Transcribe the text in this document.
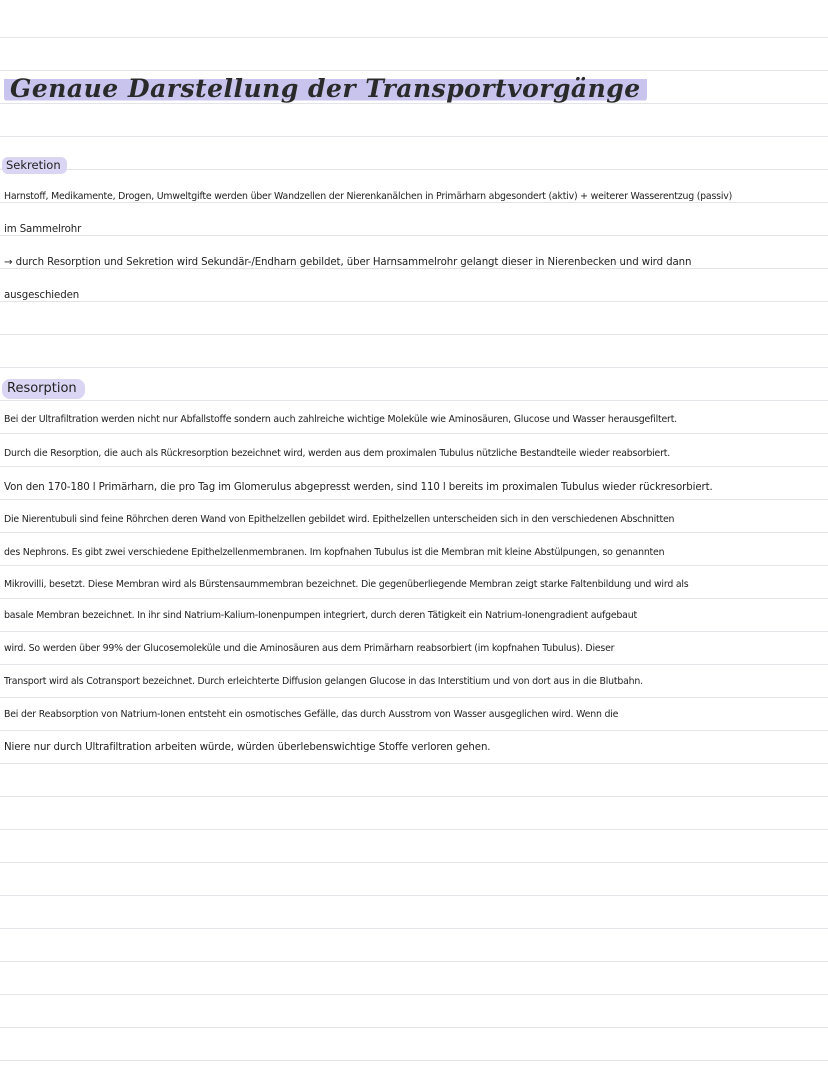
Genaue Darstellung der Transportvorgänge
Sekretion

Harnstoff, Medikamente, Drogen, Umweltgifte werden über Wandzellen der Nierenkanälchen in Primärharn abgesondert (aktiv) + weiterer Wasserentzug (passiv)

im Sammelrohr

→ durch Resorption und Sekretion wird Sekundär-/Endharn gebildet, über Harnsammelrohr gelangt dieser in Nierenbecken und wird dann

ausgeschieden

Resorption

Bei der Ultrafiltration werden nicht nur Abfallstoffe sondern auch zahlreiche wichtige Moleküle wie Aminosäuren, Glucose und Wasser herausgefiltert.

Durch die Resorption, die auch als Rückresorption bezeichnet wird, werden aus dem proximalen Tubulus nützliche Bestandteile wieder reabsorbiert.

Von den 170-180 l Primärharn, die pro Tag im Glomerulus abgepresst werden, sind 110 l bereits im proximalen Tubulus wieder rückresorbiert.

Die Nierentubuli sind feine Röhrchen deren Wand von Epithelzellen gebildet wird. Epithelzellen unterscheiden sich in den verschiedenen Abschnitten

des Nephrons. Es gibt zwei verschiedene Epithelzellenmembranen. Im kopfnahen Tubulus ist die Membran mit kleine Abstülpungen, so genannten

Mikrovilli, besetzt. Diese Membran wird als Bürstensaummembran bezeichnet. Die gegenüberliegende Membran zeigt starke Faltenbildung und wird als

basale Membran bezeichnet. In ihr sind Natrium-Kalium-Ionenpumpen integriert, durch deren Tätigkeit ein Natrium-Ionengradient aufgebaut

wird. So werden über 99% der Glucosemoleküle und die Aminosäuren aus dem Primärharn reabsorbiert (im kopfnahen Tubulus). Dieser

Transport wird als Cotransport bezeichnet. Durch erleichterte Diffusion gelangen Glucose in das Interstitium und von dort aus in die Blutbahn.

Bei der Reabsorption von Natrium-Ionen entsteht ein osmotisches Gefälle, das durch Ausstrom von Wasser ausgeglichen wird. Wenn die

Niere nur durch Ultrafiltration arbeiten würde, würden überlebenswichtige Stoffe verloren gehen.
